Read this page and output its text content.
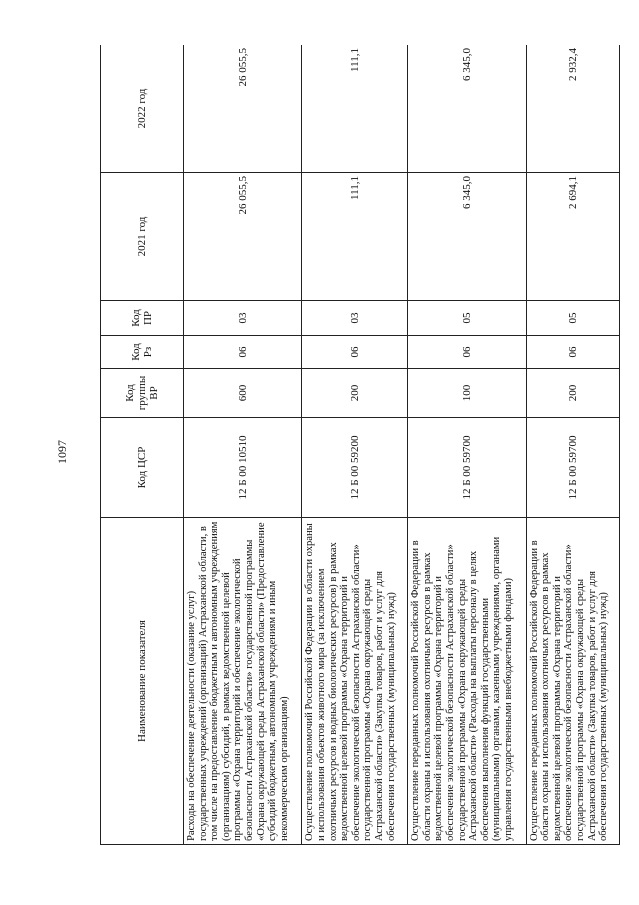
1097
Наименование показателя	Код ЦСР	Код группы ВР	Код Рз	Код ПР	2021 год	2022 год
Расходы на обеспечение деятельности (оказание услуг) государственных учреждений (организаций) Астраханской области, в том числе на предоставление бюджетным и автономным учреждениям (организациям) субсидий, в рамках ведомственной целевой программы «Охрана территорий и обеспечение экологической безопасности Астраханской области» государственной программы «Охрана окружающей среды Астраханской области» (Предоставление субсидий бюджетным, автономным учреждениям и иным некоммерческим организациям)	12 Б 00 10510	600	06	03	26 055,5	26 055,5
Осуществление полномочий Российской Федерации в области охраны и использования объектов животного мира (за исключением охотничьих ресурсов и водных биологических ресурсов) в рамках ведомственной целевой программы «Охрана территорий и обеспечение экологической безопасности Астраханской области» государственной программы «Охрана окружающей среды Астраханской области» (Закупка товаров, работ и услуг для обеспечения государственных (муниципальных) нужд)	12 Б 00 59200	200	06	03	111,1	111,1
Осуществление переданных полномочий Российской Федерации в области охраны и использования охотничьих ресурсов в рамках ведомственной целевой программы «Охрана территорий и обеспечение экологической безопасности Астраханской области» государственной программы «Охрана окружающей среды Астраханской области» (Расходы на выплаты персоналу в целях обеспечения выполнения функций государственными (муниципальными) органами, казенными учреждениями, органами управления государственными внебюджетными фондами)	12 Б 00 59700	100	06	05	6 345,0	6 345,0
Осуществление переданных полномочий Российской Федерации в области охраны и использования охотничьих ресурсов в рамках ведомственной целевой программы «Охрана территорий и обеспечение экологической безопасности Астраханской области» государственной программы «Охрана окружающей среды Астраханской области» (Закупка товаров, работ и услуг для обеспечения государственных (муниципальных) нужд)	12 Б 00 59700	200	06	05	2 694,1	2 932,4
